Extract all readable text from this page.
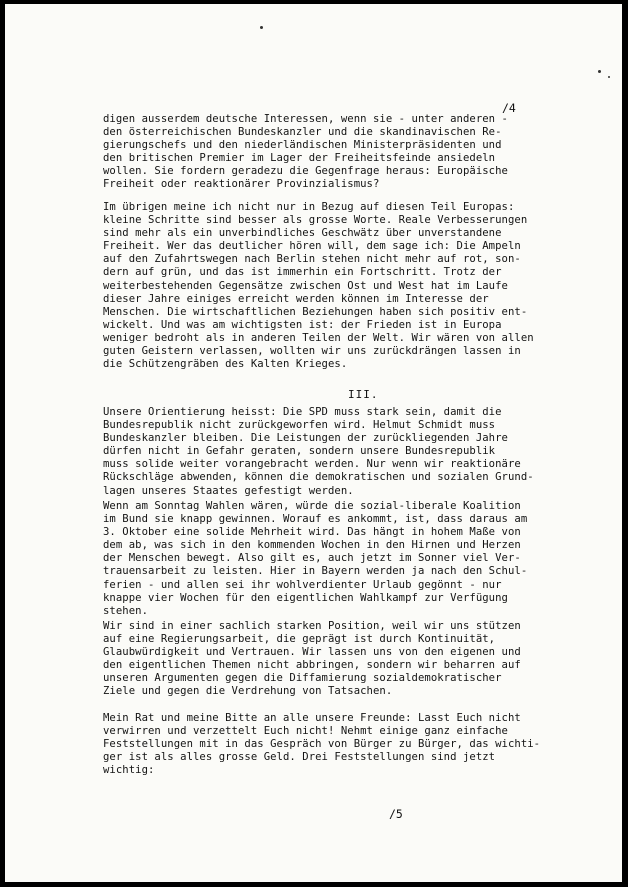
/4
digen ausserdem deutsche Interessen, wenn sie - unter anderen -
den österreichischen Bundeskanzler und die skandinavischen Re-
gierungschefs und den niederländischen Ministerpräsidenten und
den britischen Premier im Lager der Freiheitsfeinde ansiedeln
wollen. Sie fordern geradezu die Gegenfrage heraus: Europäische
Freiheit oder reaktionärer Provinzialismus?
Im übrigen meine ich nicht nur in Bezug auf diesen Teil Europas:
kleine Schritte sind besser als grosse Worte. Reale Verbesserungen
sind mehr als ein unverbindliches Geschwätz über unverstandene
Freiheit. Wer das deutlicher hören will, dem sage ich: Die Ampeln
auf den Zufahrtswegen nach Berlin stehen nicht mehr auf rot, son-
dern auf grün, und das ist immerhin ein Fortschritt. Trotz der
weiterbestehenden Gegensätze zwischen Ost und West hat im Laufe
dieser Jahre einiges erreicht werden können im Interesse der
Menschen. Die wirtschaftlichen Beziehungen haben sich positiv ent-
wickelt. Und was am wichtigsten ist: der Frieden ist in Europa
weniger bedroht als in anderen Teilen der Welt. Wir wären von allen
guten Geistern verlassen, wollten wir uns zurückdrängen lassen in
die Schützengräben des Kalten Krieges.
III.
Unsere Orientierung heisst: Die SPD muss stark sein, damit die
Bundesrepublik nicht zurückgeworfen wird. Helmut Schmidt muss
Bundeskanzler bleiben. Die Leistungen der zurückliegenden Jahre
dürfen nicht in Gefahr geraten, sondern unsere Bundesrepublik
muss solide weiter vorangebracht werden. Nur wenn wir reaktionäre
Rückschläge abwenden, können die demokratischen und sozialen Grund-
lagen unseres Staates gefestigt werden.
Wenn am Sonntag Wahlen wären, würde die sozial-liberale Koalition
im Bund sie knapp gewinnen. Worauf es ankommt, ist, dass daraus am
3. Oktober eine solide Mehrheit wird. Das hängt in hohem Maße von
dem ab, was sich in den kommenden Wochen in den Hirnen und Herzen
der Menschen bewegt. Also gilt es, auch jetzt im Sonner viel Ver-
trauensarbeit zu leisten. Hier in Bayern werden ja nach den Schul-
ferien - und allen sei ihr wohlverdienter Urlaub gegönnt - nur
knappe vier Wochen für den eigentlichen Wahlkampf zur Verfügung
stehen.
Wir sind in einer sachlich starken Position, weil wir uns stützen
auf eine Regierungsarbeit, die geprägt ist durch Kontinuität,
Glaubwürdigkeit und Vertrauen. Wir lassen uns von den eigenen und
den eigentlichen Themen nicht abbringen, sondern wir beharren auf
unseren Argumenten gegen die Diffamierung sozialdemokratischer
Ziele und gegen die Verdrehung von Tatsachen.
Mein Rat und meine Bitte an alle unsere Freunde: Lasst Euch nicht
verwirren und verzettelt Euch nicht! Nehmt einige ganz einfache
Feststellungen mit in das Gespräch von Bürger zu Bürger, das wichti-
ger ist als alles grosse Geld. Drei Feststellungen sind jetzt
wichtig:
/5
